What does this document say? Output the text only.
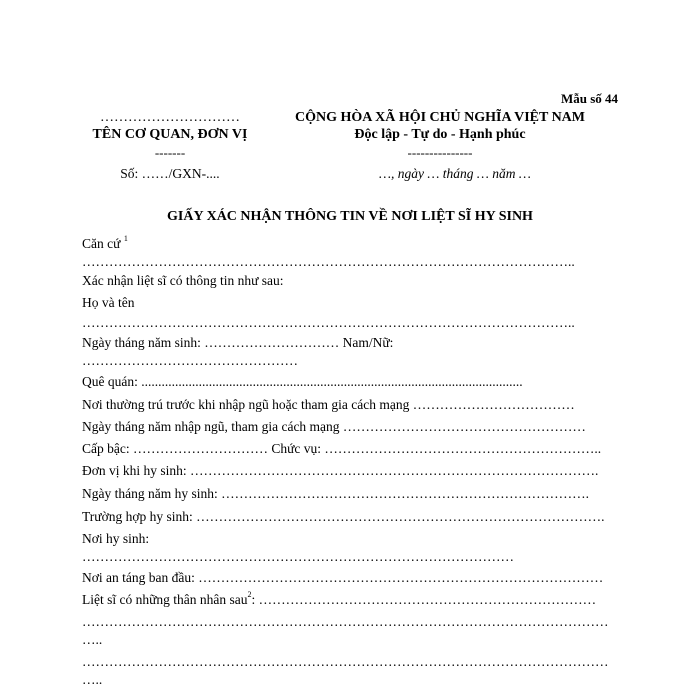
Mẫu số 44
…………………………
TÊN CƠ QUAN, ĐƠN VỊ
-------
Số: ……/GXN-....
CỘNG HÒA XÃ HỘI CHỦ NGHĨA VIỆT NAM
Độc lập - Tự do - Hạnh phúc
---------------
…, ngày … tháng … năm …
GIẤY XÁC NHẬN THÔNG TIN VỀ NƠI LIỆT SĨ HY SINH
Căn cứ $^1$
………………………………………………………………………………………………..
Xác nhận liệt sĩ có thông tin như sau:
Họ và tên
………………………………………………………………………………………………..
Ngày tháng năm sinh: ………………………… Nam/Nữ:
…………………………………………
Quê quán: .................................................................................................................
Nơi thường trú trước khi nhập ngũ hoặc tham gia cách mạng ………………………………
Ngày tháng năm nhập ngũ, tham gia cách mạng ………………………………………………
Cấp bậc: ………………………… Chức vụ: ……………………………………………………..
Đơn vị khi hy sinh: ……………………………………………………………………………….
Ngày tháng năm hy sinh: ……………………………………………………………………….
Trường hợp hy sinh: ……………………………………………………………………………….
Nơi hy sinh:
……………………………………………………………………………………
Nơi an táng ban đầu: ………………………………………………………………………………
Liệt sĩ có những thân nhân sau$^2$: …………………………………………………………………
………………………………………………………………………………………………………
…..
………………………………………………………………………………………………………
…..
